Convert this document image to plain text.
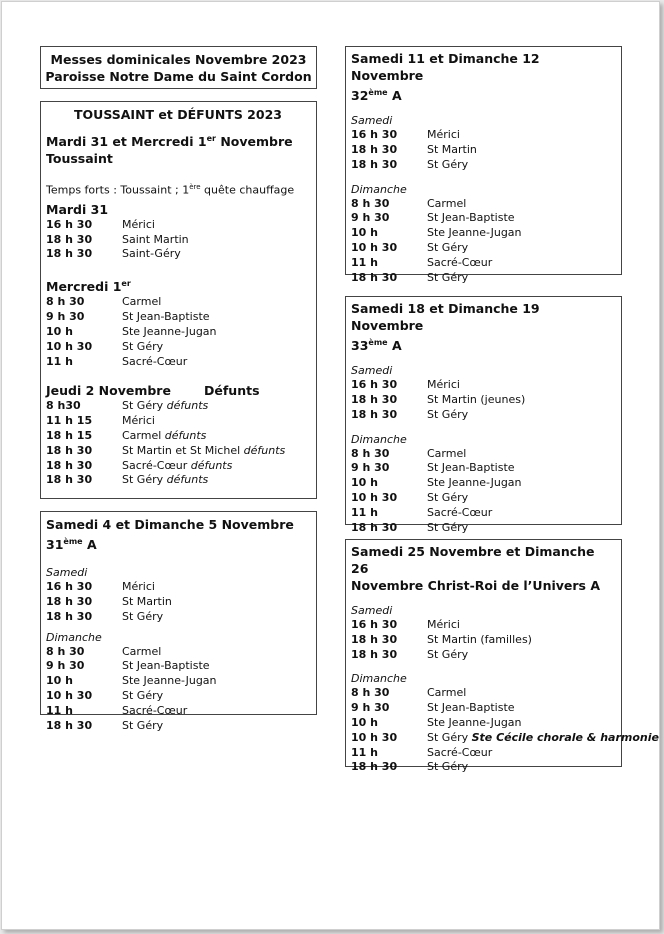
Messes dominicales Novembre 2023
Paroisse Notre Dame du Saint Cordon
TOUSSAINT et DÉFUNTS 2023
Mardi 31 et Mercredi 1er Novembre
Toussaint
Temps forts : Toussaint ; 1ère quête chauffage
Mardi 31
16 h 30	Mérici
18 h 30	Saint Martin
18 h 30	Saint-Géry
Mercredi 1er
8 h 30	Carmel
9 h 30	St Jean-Baptiste
10 h	Ste Jeanne-Jugan
10 h 30	St Géry
11 h	Sacré-Cœur
Jeudi 2 Novembre	Défunts
8 h30	St Géry défunts
11 h 15	Mérici
18 h 15	Carmel défunts
18 h 30	St Martin et St Michel défunts
18 h 30	Sacré-Cœur défunts
18 h 30	St Géry défunts
Samedi 4 et Dimanche 5 Novembre 31ème A
Samedi
16 h 30	Mérici
18 h 30	St Martin
18 h 30	St Géry
Dimanche
8 h 30	Carmel
9 h 30	St Jean-Baptiste
10 h	Ste Jeanne-Jugan
10 h 30	St Géry
11 h	Sacré-Cœur
18 h 30	St Géry
Samedi 11 et Dimanche 12 Novembre
32ème A
Samedi
16 h 30	Mérici
18 h 30	St Martin
18 h 30	St Géry
Dimanche
8 h 30	Carmel
9 h 30	St Jean-Baptiste
10 h	Ste Jeanne-Jugan
10 h 30	St Géry
11 h	Sacré-Cœur
18 h 30	St Géry
Samedi 18 et Dimanche 19 Novembre
33ème A
Samedi
16 h 30	Mérici
18 h 30	St Martin (jeunes)
18 h 30	St Géry
Dimanche
8 h 30	Carmel
9 h 30	St Jean-Baptiste
10 h	Ste Jeanne-Jugan
10 h 30	St Géry
11 h	Sacré-Cœur
18 h 30	St Géry
Samedi 25 Novembre et Dimanche 26
Novembre Christ-Roi de l’Univers A
Samedi
16 h 30	Mérici
18 h 30	St Martin (familles)
18 h 30	St Géry
Dimanche
8 h 30	Carmel
9 h 30	St Jean-Baptiste
10 h	Ste Jeanne-Jugan
10 h 30	St Géry Ste Cécile chorale & harmonie
11 h	Sacré-Cœur
18 h 30	St Géry
